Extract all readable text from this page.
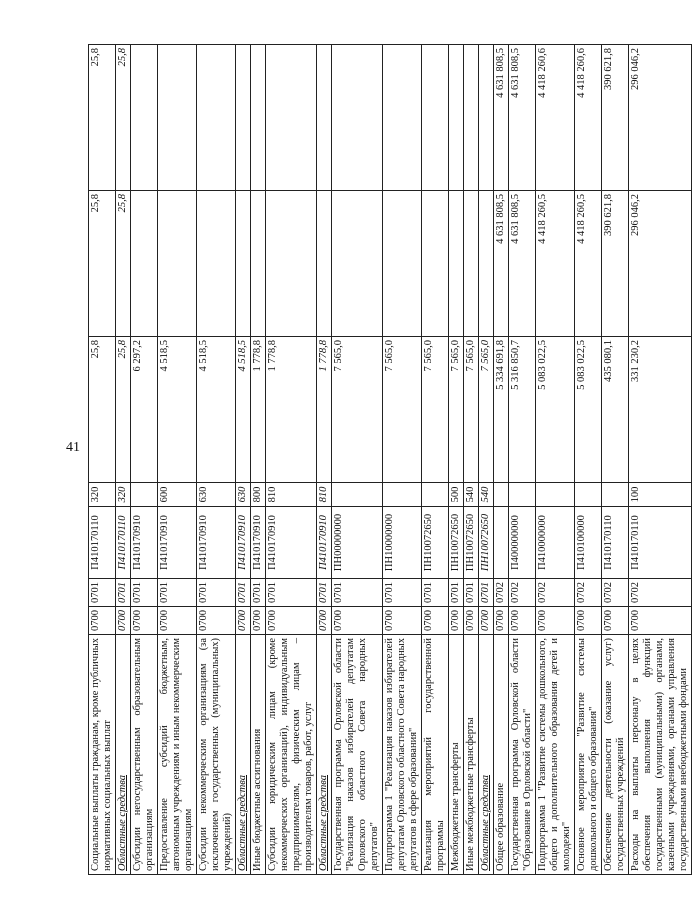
41
Социальные выплаты гражданам, кроме публичных нормативных социальных выплат	0700	0701	П410170110	320	25,8	25,8	25,8
Областные средства	0700	0701	П410170110	320	25,8	25,8	25,8
Субсидии негосударственным образовательным организациям	0700	0701	П410170910		6 297,2		
Предоставление субсидий бюджетным, автономным учреждениям и иным некоммерческим организациям	0700	0701	П410170910	600	4 518,5		
Субсидии некоммерческим организациям (за исключением государственных (муниципальных) учреждений)	0700	0701	П410170910	630	4 518,5		
Областные средства	0700	0701	П410170910	630	4 518,5		
Иные бюджетные ассигнования	0700	0701	П410170910	800	1 778,8		
Субсидии юридическим лицам (кроме некоммерческих организаций), индивидуальным предпринимателям, физическим лицам – производителям товаров, работ, услуг	0700	0701	П410170910	810	1 778,8		
Областные средства	0700	0701	П410170910	810	1 778,8		
Государственная программа Орловской области "Реализация наказов избирателей депутатам Орловского областного Совета народных депутатов"	0700	0701	ПН00000000		7 565,0		
Подпрограмма 1 "Реализация наказов избирателей депутатам Орловского областного Совета народных депутатов в сфере образования"	0700	0701	ПН10000000		7 565,0		
Реализация мероприятий государственной программы	0700	0701	ПН10072650		7 565,0		
Межбюджетные трансферты	0700	0701	ПН10072650	500	7 565,0		
Иные межбюджетные трансферты	0700	0701	ПН10072650	540	7 565,0		
Областные средства	0700	0701	ПН10072650	540	7 565,0		
Общее образование	0700	0702			5 334 691,8	4 631 808,5	4 631 808,5
Государственная программа Орловской области "Образование в Орловской области"	0700	0702	П400000000		5 316 850,7	4 631 808,5	4 631 808,5
Подпрограмма 1 "Развитие системы дошкольного, общего и дополнительного образования детей и молодежи"	0700	0702	П410000000		5 083 022,5	4 418 260,5	4 418 260,6
Основное мероприятие "Развитие системы дошкольного и общего образования"	0700	0702	П410100000		5 083 022,5	4 418 260,5	4 418 260,6
Обеспечение деятельности (оказание услуг) государственных учреждений	0700	0702	П410170110		435 080,1	390 621,8	390 621,8
Расходы на выплаты персоналу в целях обеспечения выполнения функций государственными (муниципальными) органами, казенными учреждениями, органами управления государственными внебюджетными фондами	0700	0702	П410170110	100	331 230,2	296 046,2	296 046,2
